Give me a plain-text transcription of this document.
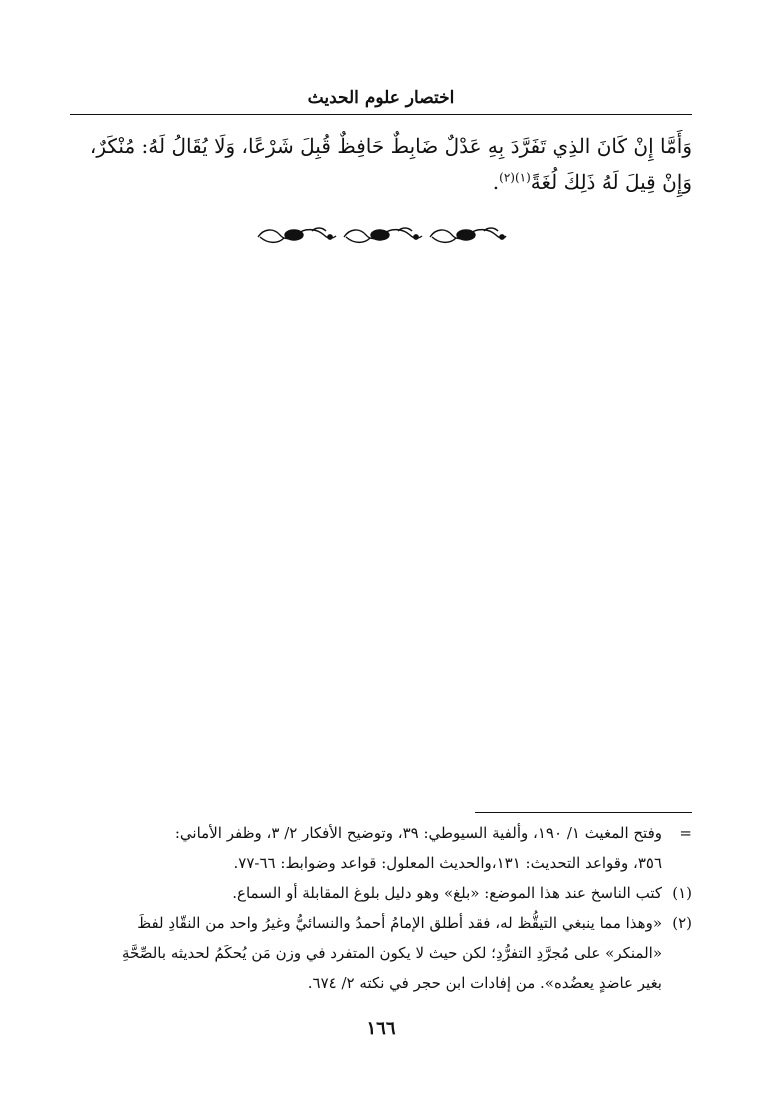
اختصار علوم الحديث
وَأَمَّا إِنْ كَانَ الذِي تَفَرَّدَ بِهِ عَدْلٌ ضَابِطٌ حَافِظٌ قُبِلَ شَرْعًا، وَلَا يُقَالُ لَهُ: مُنْكَرٌ،
وَإِنْ قِيلَ لَهُ ذَلِكَ لُغَةً$^{(١)(٢)}$.
=
وفتح المغيث ١/ ١٩٠، وألفية السيوطي: ٣٩، وتوضيح الأفكار ٢/ ٣، وظفر الأماني:
٣٥٦، وقواعد التحديث: ١٣١،والحديث المعلول: قواعد وضوابط: ٦٦-٧٧.
(١)
كتب الناسخ عند هذا الموضع: «بلغ» وهو دليل بلوغ المقابلة أو السماع.
(٢)
«وهذا مما ينبغي التيقُّظ له، فقد أطلق الإمامُ أحمدُ والنسائيُّ وغيرُ واحد من النقّادِ لفظَ
«المنكر» على مُجرَّدِ التفرُّدِ؛ لكن حيث لا يكون المتفرد في وزن مَن يُحكَمُ لحديثه بالصِّحَّةِ
بغير عاضدٍ يعضُده». من إفادات ابن حجر في نكته ٢/ ٦٧٤.
١٦٦
